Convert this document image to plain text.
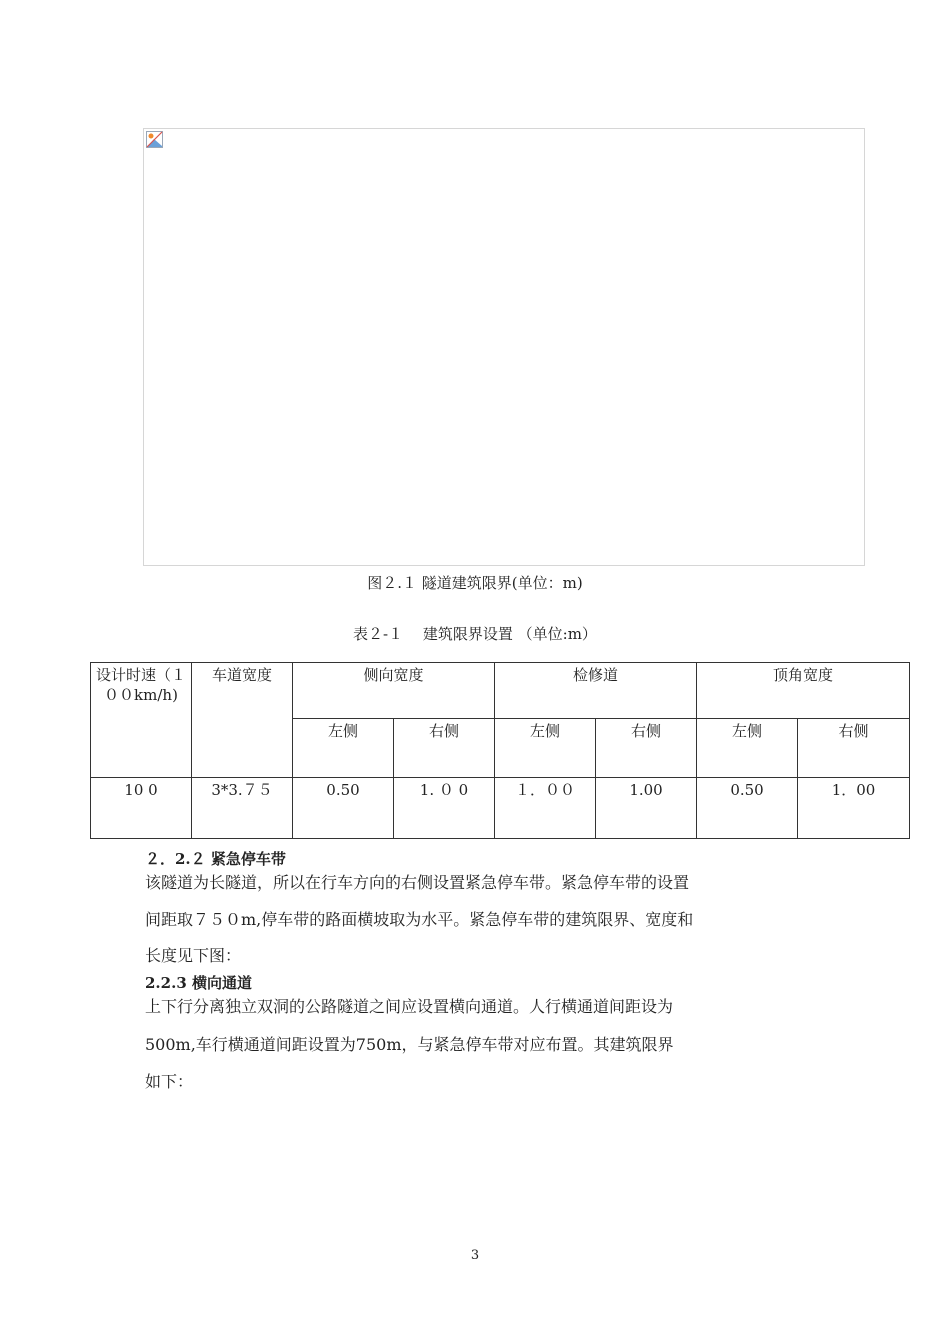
图２.１ 隧道建筑限界(单位：m)
表２-１　 建筑限界设置 （单位:m）
设计时速（１００km/h)	车道宽度	侧向宽度		检修道		顶角宽度	
		左侧	右侧	左侧	右侧	左侧	右侧
10 0	3*3.７５	0.50	1. ０ 0	１．００	1.00	0.50	1．00
２．2.２ 紧急停车带
该隧道为长隧道，所以在行车方向的右侧设置紧急停车带。紧急停车带的设置
间距取７５０m,停车带的路面横坡取为水平。紧急停车带的建筑限界、宽度和
长度见下图：
2.2.3 横向通道
上下行分离独立双洞的公路隧道之间应设置横向通道。人行横通道间距设为
500m,车行横通道间距设置为750m，与紧急停车带对应布置。其建筑限界
如下：
3
